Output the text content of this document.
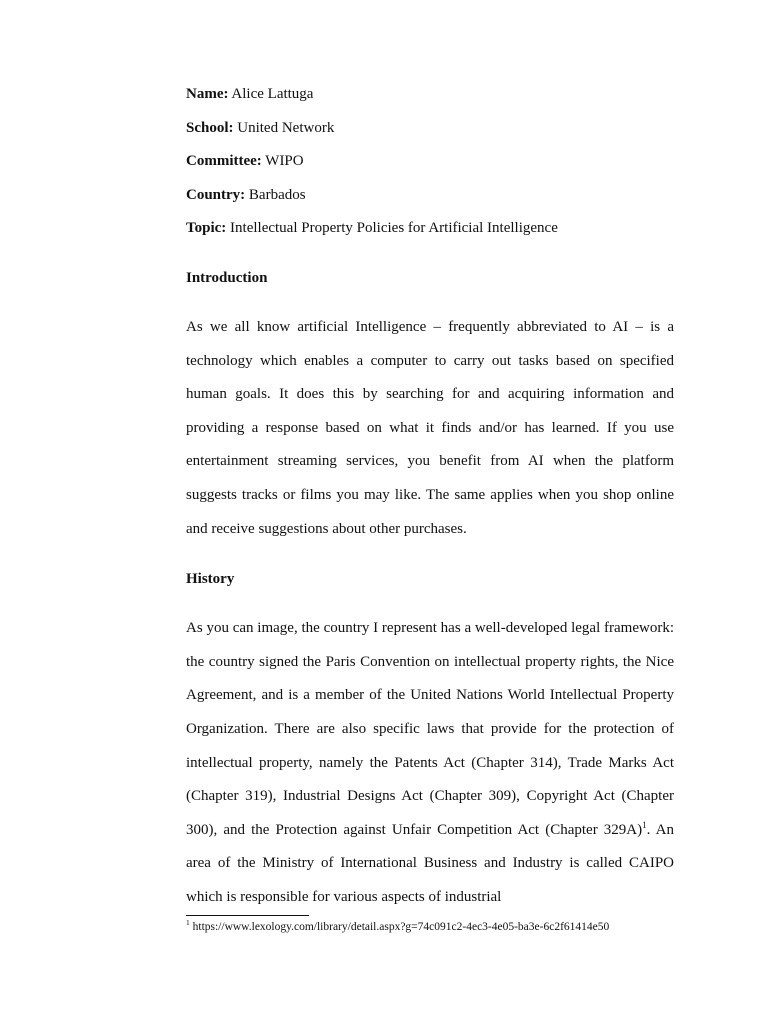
Name: Alice Lattuga
School: United Network
Committee: WIPO
Country: Barbados
Topic: Intellectual Property Policies for Artificial Intelligence
Introduction

As we all know artificial Intelligence – frequently abbreviated to AI – is a technology which enables a computer to carry out tasks based on specified human goals. It does this by searching for and acquiring information and providing a response based on what it finds and/or has learned. If you use entertainment streaming services, you benefit from AI when the platform suggests tracks or films you may like. The same applies when you shop online and receive suggestions about other purchases.

History

As you can image, the country I represent has a well-developed legal framework: the country signed the Paris Convention on intellectual property rights, the Nice Agreement, and is a member of the United Nations World Intellectual Property Organization. There are also specific laws that provide for the protection of intellectual property, namely the Patents Act (Chapter 314), Trade Marks Act (Chapter 319), Industrial Designs Act (Chapter 309), Copyright Act (Chapter 300), and the Protection against Unfair Competition Act (Chapter 329A)$^1$. An area of the Ministry of International Business and Industry is called CAIPO which is responsible for various aspects of industrial

$^1$ https://www.lexology.com/library/detail.aspx?g=74c091c2-4ec3-4e05-ba3e-6c2f61414e50
